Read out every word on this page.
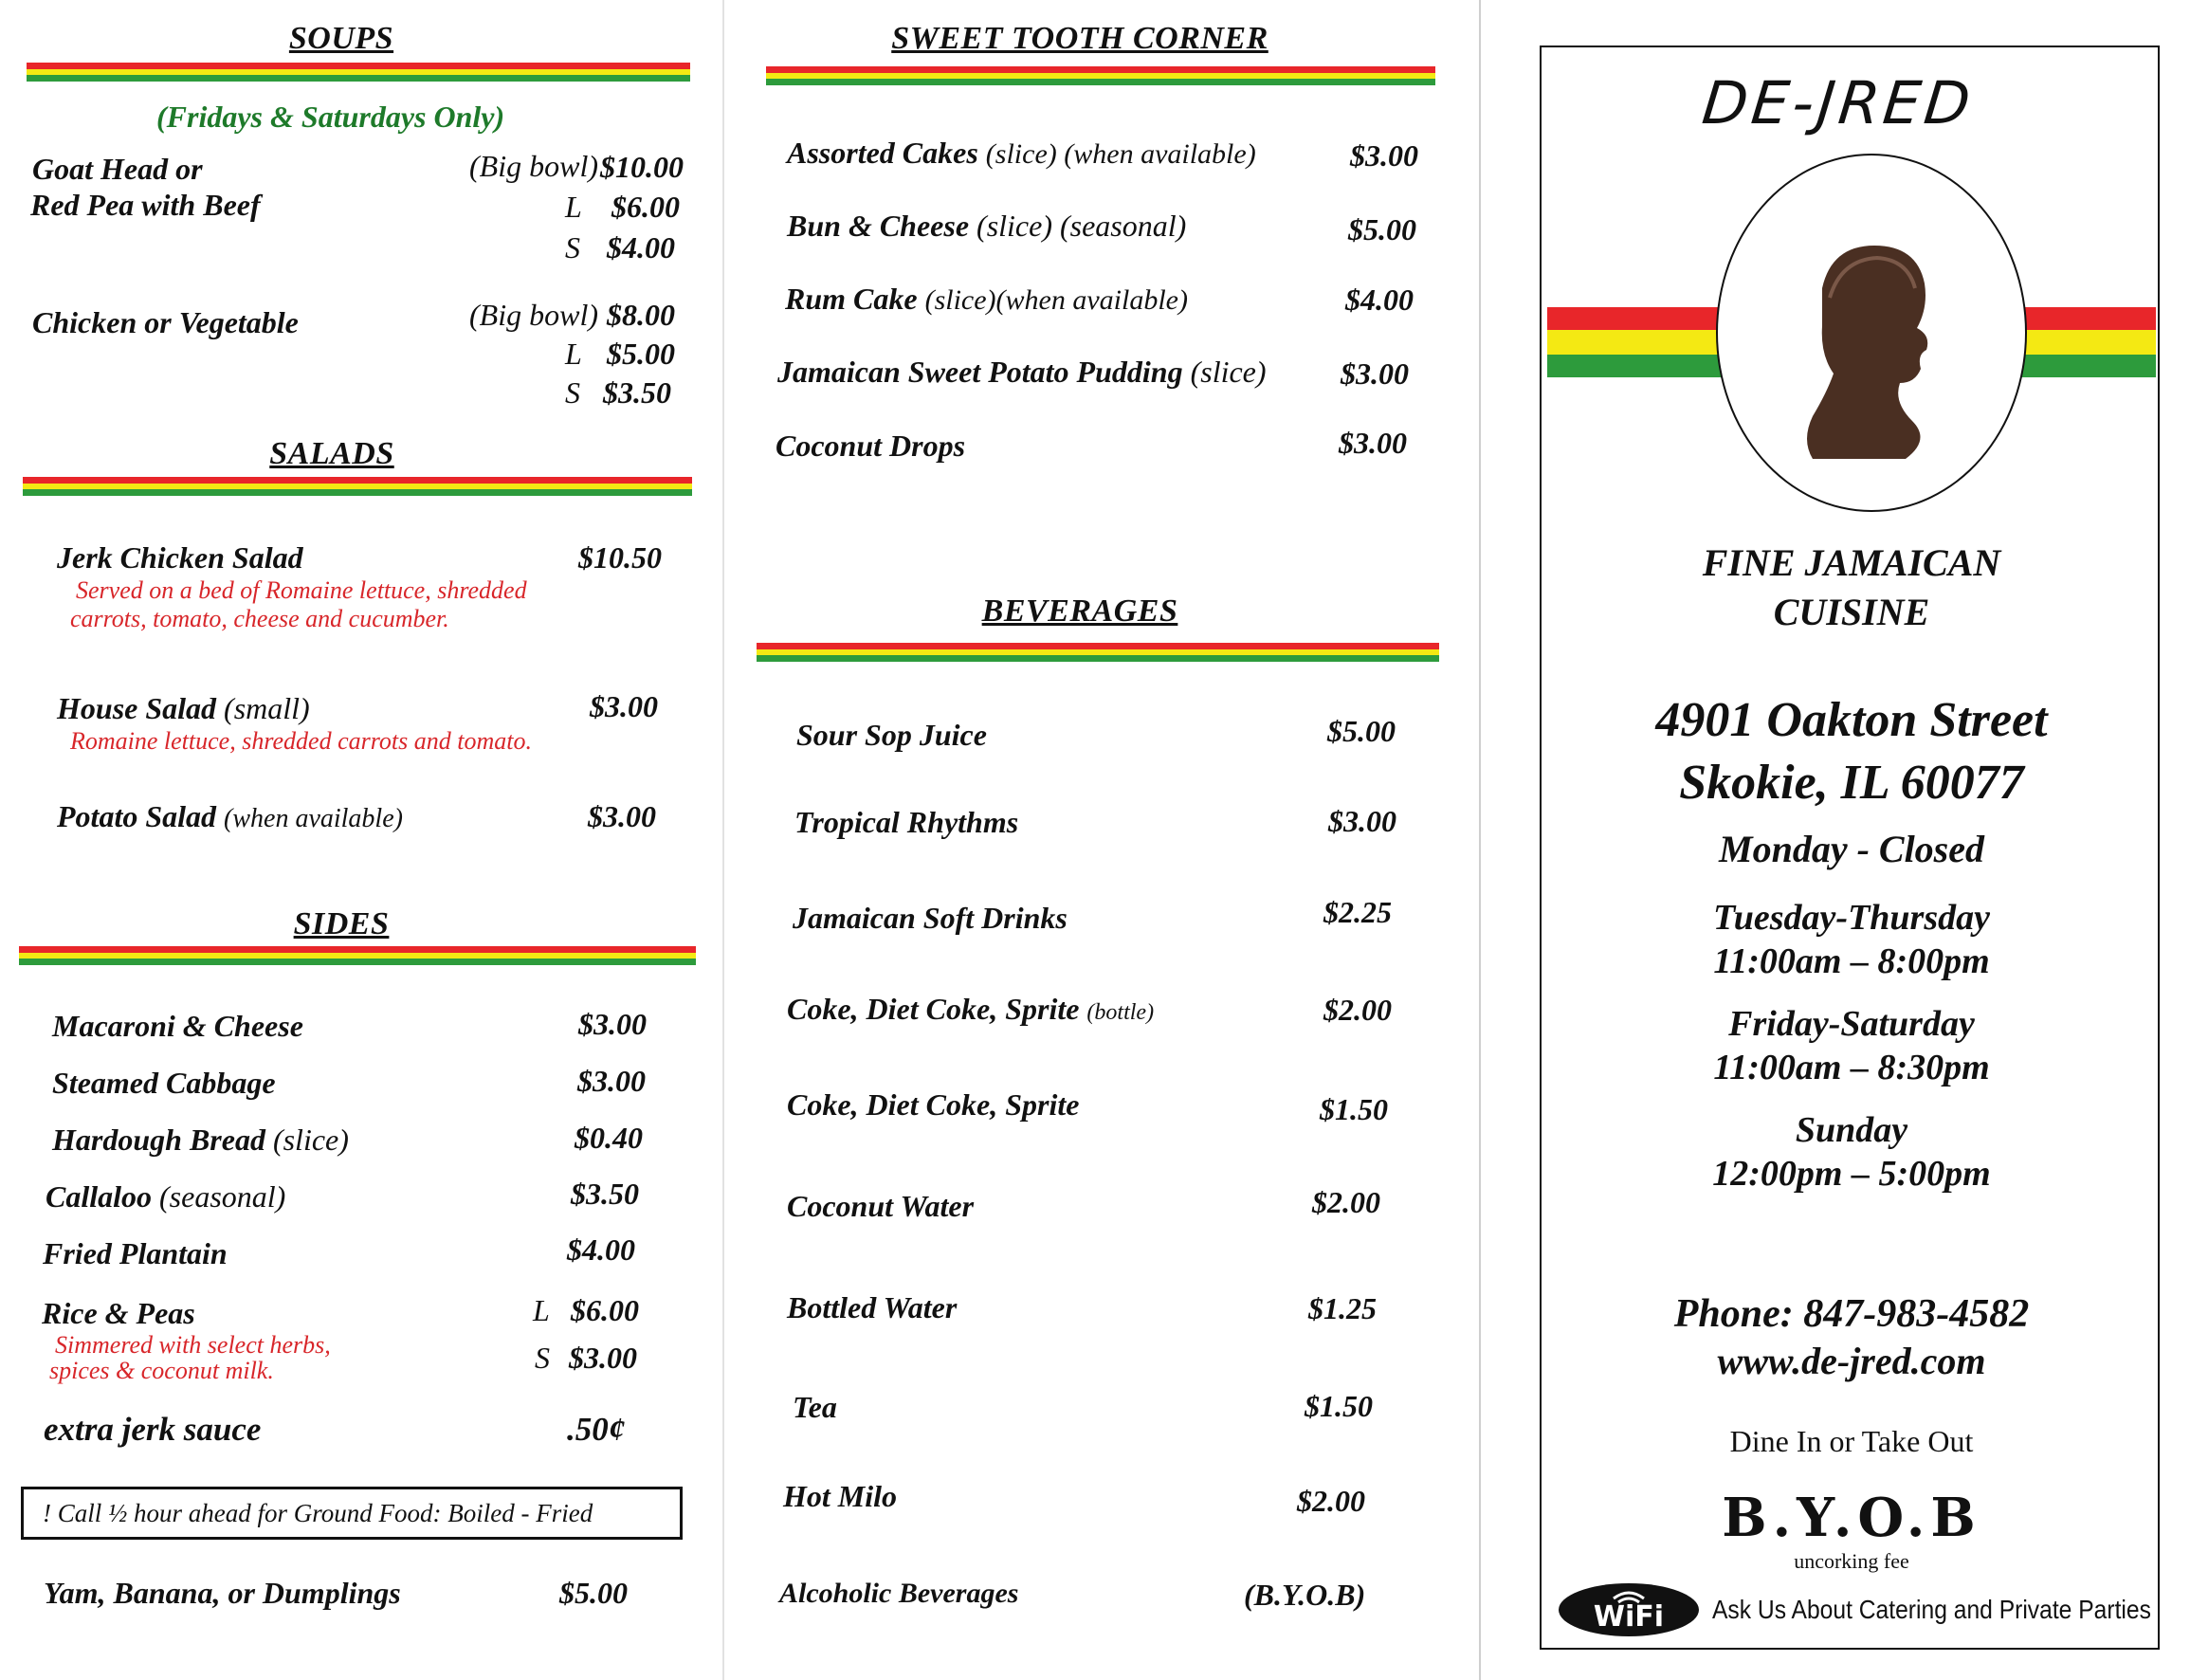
SOUPS
(Fridays & Saturdays Only)
Goat Head or
Red Pea with Beef
(Big bowl) $10.00
L $6.00
S $4.00
Chicken or Vegetable	(Big bowl) $8.00
L $5.00
S $3.50
SALADS
Jerk Chicken Salad	$10.50
Served on a bed of Romaine lettuce, shredded
carrots, tomato, cheese and cucumber.
House Salad (small)	$3.00
Romaine lettuce, shredded carrots and tomato.
Potato Salad (when available)	$3.00
SIDES
Macaroni & Cheese	$3.00
Steamed Cabbage	$3.00
Hardough Bread (slice)	$0.40
Callaloo (seasonal)	$3.50
Fried Plantain	$4.00
Rice & Peas
Simmered with select herbs,
spices & coconut milk.
L $6.00
S $3.00
extra jerk sauce	.50¢
! Call ½ hour ahead for Ground Food: Boiled - Fried
Yam, Banana, or Dumplings	$5.00
SWEET TOOTH CORNER
Assorted Cakes (slice) (when available)	$3.00
Bun & Cheese (slice) (seasonal)	$5.00
Rum Cake (slice)(when available)	$4.00
Jamaican Sweet Potato Pudding (slice) $3.00
Coconut Drops	$3.00
BEVERAGES
Sour Sop Juice	$5.00
Tropical Rhythms	$3.00
Jamaican Soft Drinks	$2.25
Coke, Diet Coke, Sprite (bottle)	$2.00
Coke, Diet Coke, Sprite	$1.50
Coconut Water	$2.00
Bottled Water	$1.25
Tea	$1.50
Hot Milo	$2.00
Alcoholic Beverages	(B.Y.O.B)
DE-JRED
FINE JAMAICAN
CUISINE
4901 Oakton Street
Skokie, IL 60077
Monday - Closed
Tuesday-Thursday
11:00am – 8:00pm
Friday-Saturday
11:00am – 8:30pm
Sunday
12:00pm – 5:00pm
Phone: 847-983-4582
www.de-jred.com
Dine In or Take Out
B.Y.O.B
uncorking fee
WiFi	Ask Us About Catering and Private Parties
